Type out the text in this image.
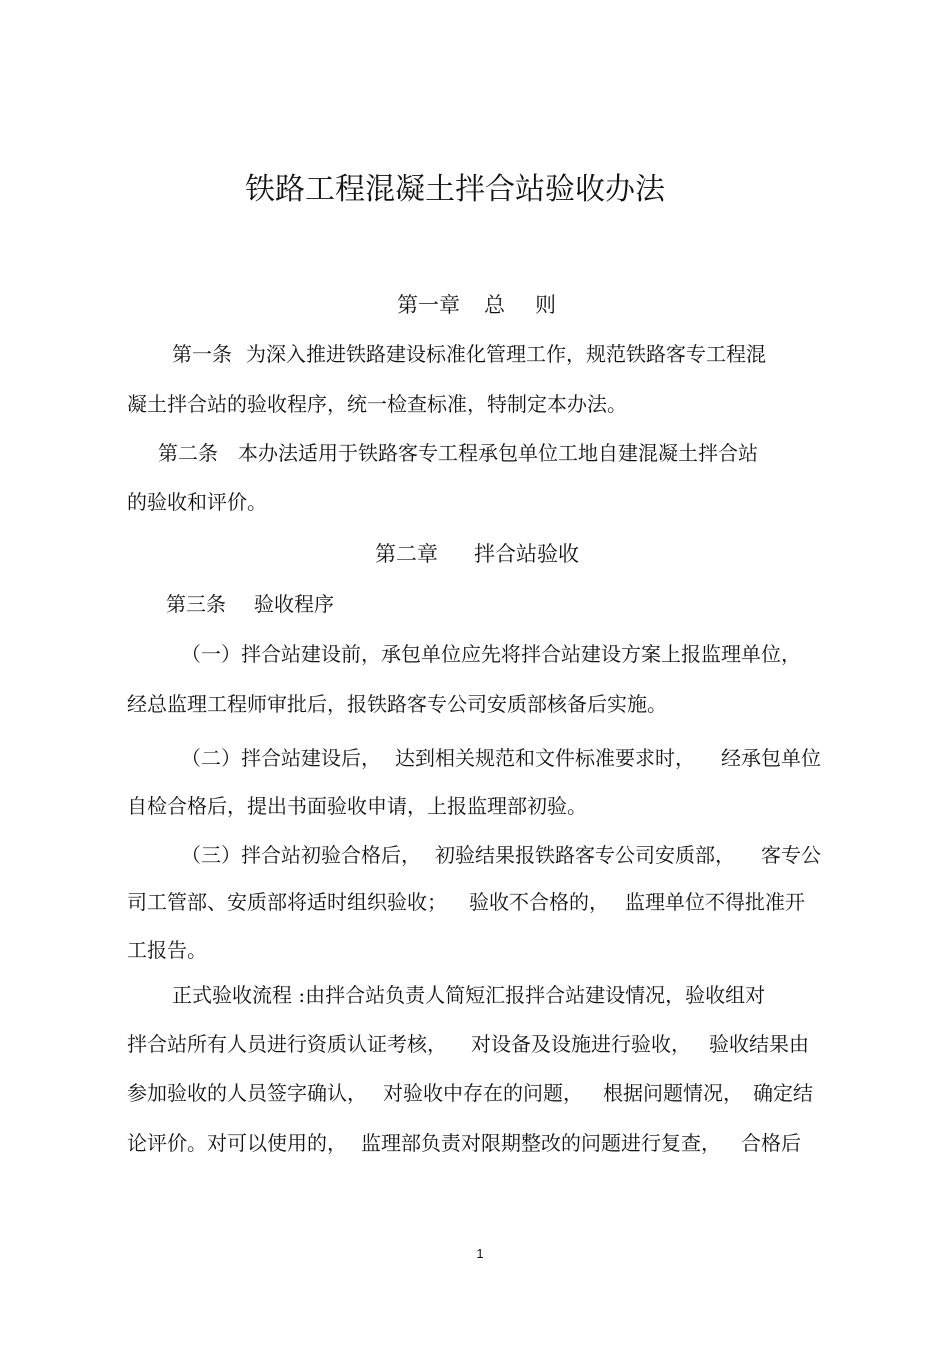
铁路工程混凝土拌合站验收办法
第一章 总 则
第一条 为深入推进铁路建设标准化管理工作，规范铁路客专工程混
凝土拌合站的验收程序，统一检查标准，特制定本办法。
第二条 本办法适用于铁路客专工程承包单位工地自建混凝土拌合站
的验收和评价。
第二章 拌合站验收
第三条 验收程序
（一）拌合站建设前，承包单位应先将拌合站建设方案上报监理单位，
经总监理工程师审批后，报铁路客专公司安质部核备后实施。
（二）拌合站建设后， 达到相关规范和文件标准要求时， 经承包单位
自检合格后，提出书面验收申请，上报监理部初验。
（三）拌合站初验合格后， 初验结果报铁路客专公司安质部， 客专公
司工管部、安质部将适时组织验收； 验收不合格的， 监理单位不得批准开
工报告。
正式验收流程 :由拌合站负责人简短汇报拌合站建设情况，验收组对
拌合站所有人员进行资质认证考核， 对设备及设施进行验收， 验收结果由
参加验收的人员签字确认， 对验收中存在的问题， 根据问题情况， 确定结
论评价。对可以使用的， 监理部负责对限期整改的问题进行复查， 合格后
1
